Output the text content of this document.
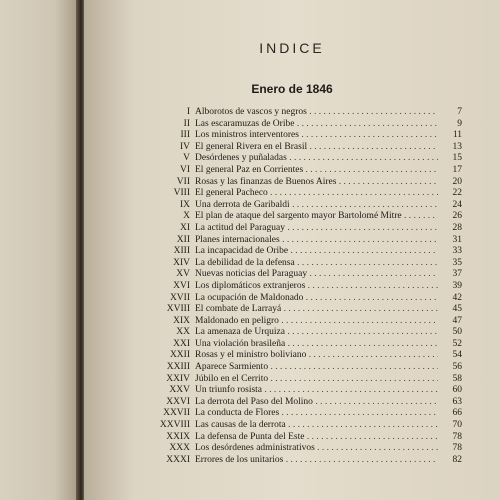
INDICE
Enero de 1846
I Alborotos de vascos y negros . . .	7
II Las escaramuzas de Oribe . . .	9
III Los ministros interventores . . .	11
IV El general Rivera en el Brasil . . .	13
V Desórdenes y puñaladas . . .	15
VI El general Paz en Corrientes . . .	17
VII Rosas y las finanzas de Buenos Aires . . .	20
VIII El general Pacheco . . .	22
IX Una derrota de Garibaldi . . .	24
X El plan de ataque del sargento mayor Bartolomé Mitre . . .	26
XI La actitud del Paraguay . . .	28
XII Planes internacionales . . .	31
XIII La incapacidad de Oribe . . .	33
XIV La debilidad de la defensa . . .	35
XV Nuevas noticias del Paraguay . . .	37
XVI Los diplomáticos extranjeros . . .	39
XVII La ocupación de Maldonado . . .	42
XVIII El combate de Larrayá . . .	45
XIX Maldonado en peligro . . .	47
XX La amenaza de Urquiza . . .	50
XXI Una violación brasileña . . .	52
XXII Rosas y el ministro boliviano . . .	54
XXIII Aparece Sarmiento . . .	56
XXIV Júbilo en el Cerrito . . .	58
XXV Un triunfo rosista . . .	60
XXVI La derrota del Paso del Molino . . .	63
XXVII La conducta de Flores . . .	66
XXVIII Las causas de la derrota . . .	70
XXIX La defensa de Punta del Este . . .	78
XXX Los desórdenes administrativos . . .	78
XXXI Errores de los unitarios . . .	82
